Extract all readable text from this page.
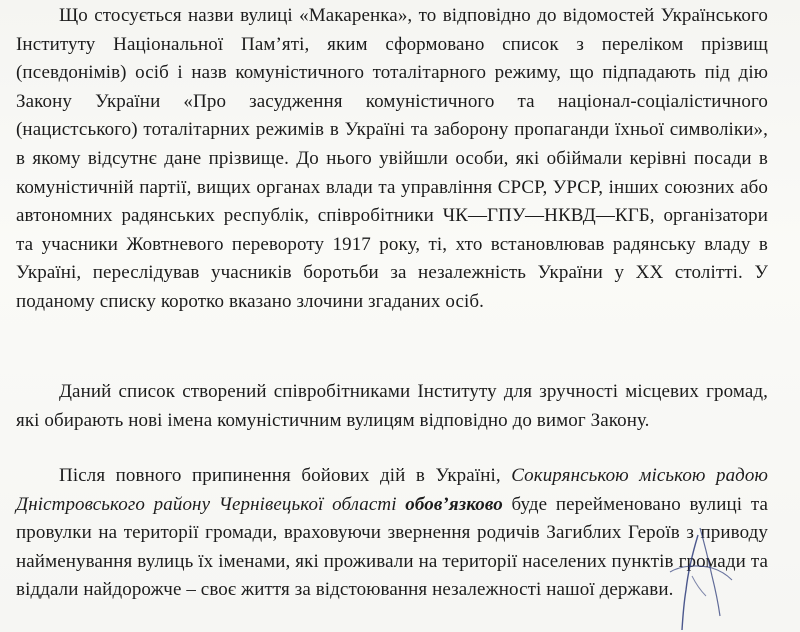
Що стосується назви вулиці «Макаренка», то відповідно до відомостей Українського Інституту Національної Пам’яті, яким сформовано список з переліком прізвищ (псевдонімів) осіб і назв комуністичного тоталітарного режиму, що підпадають під дію Закону України «Про засудження комуністичного та націонал-соціалістичного (нацистського) тоталітарних режимів в Україні та заборону пропаганди їхньої символіки», в якому відсутнє дане прізвище. До нього увійшли особи, які обіймали керівні посади в комуністичній партії, вищих органах влади та управління СРСР, УРСР, інших союзних або автономних радянських республік, співробітники ЧК—ГПУ—НКВД—КГБ, організатори та учасники Жовтневого перевороту 1917 року, ті, хто встановлював радянську владу в Україні, переслідував учасників боротьби за незалежність України у XX столітті. У поданому списку коротко вказано злочини згаданих осіб.

Даний список створений співробітниками Інституту для зручності місцевих громад, які обирають нові імена комуністичним вулицям відповідно до вимог Закону.

Після повного припинення бойових дій в Україні, Сокирянською міською радою Дністровського району Чернівецької області обов’язково буде перейменовано вулиці та провулки на території громади, враховуючи звернення родичів Загиблих Героїв з приводу найменування вулиць їх іменами, які проживали на території населених пунктів громади та віддали найдорожче – своє життя за відстоювання незалежності нашої держави.
